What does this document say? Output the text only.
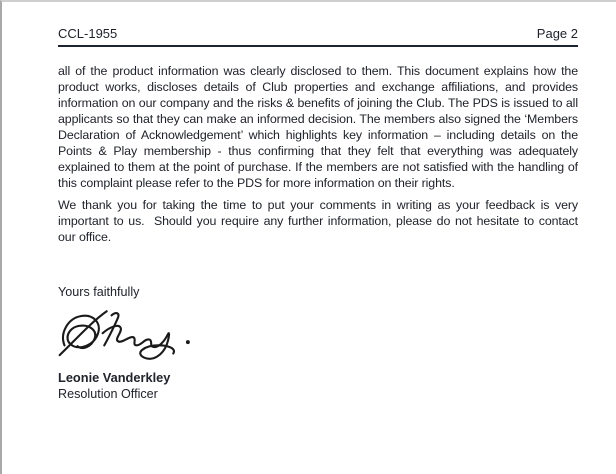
CCL-1955	Page 2

all of the product information was clearly disclosed to them. This document explains how the product works, discloses details of Club properties and exchange affiliations, and provides information on our company and the risks & benefits of joining the Club. The PDS is issued to all applicants so that they can make an informed decision. The members also signed the ‘Members Declaration of Acknowledgement’ which highlights key information – including details on the Points & Play membership - thus confirming that they felt that everything was adequately explained to them at the point of purchase. If the members are not satisfied with the handling of this complaint please refer to the PDS for more information on their rights.

We thank you for taking the time to put your comments in writing as your feedback is very important to us.  Should you require any further information, please do not hesitate to contact our office.

Yours faithfully
Leonie Vanderkley
Resolution Officer
